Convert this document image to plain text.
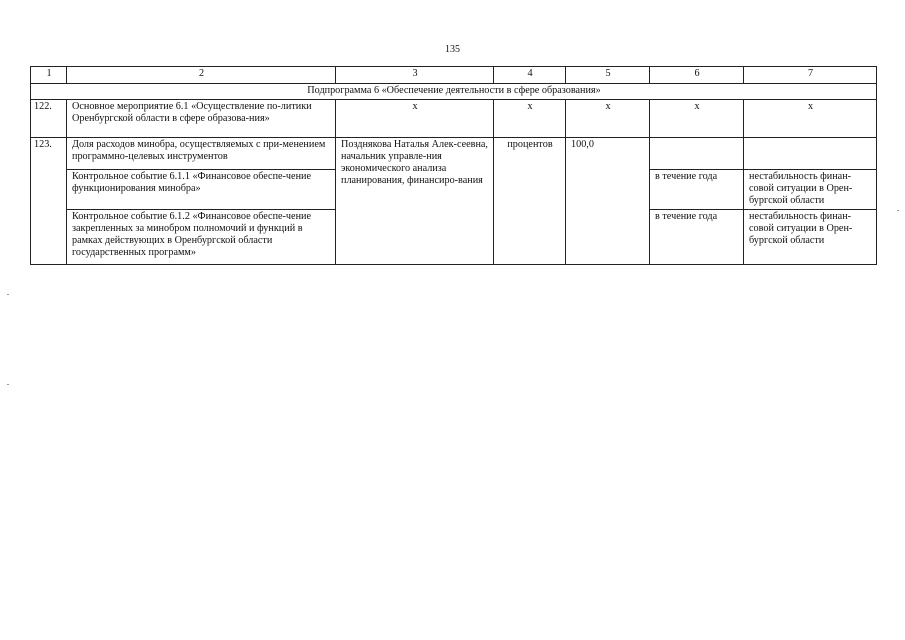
135
1	2	3	4	5	6	7
Подпрограмма 6 «Обеспечение деятельности в сфере образования»						
122.	Основное мероприятие 6.1 «Осуществление по-литики Оренбургской области в сфере образова-ния»	x	x	x	x	x
123.	Доля расходов минобра, осуществляемых с при-менением программно-целевых инструментов	Позднякова Наталья Алек-сеевна, начальник управле-ния экономического анализа планирования, финансиро-вания	процентов	100,0		
	Контрольное событие 6.1.1 «Финансовое обеспе-чение функционирования минобра»				в течение года	нестабильность финан-совой ситуации в Орен-бургской области
	Контрольное событие 6.1.2 «Финансовое обеспе-чение закрепленных за минобром полномочий и функций в рамках действующих в Оренбургской области государственных программ»				в течение года	нестабильность финан-совой ситуации в Орен-бургской области
